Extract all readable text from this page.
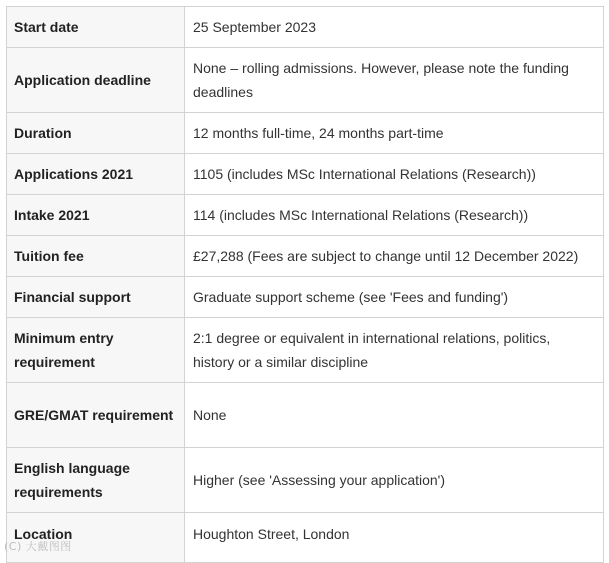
Start date	25 September 2023
Application deadline	None – rolling admissions. However, please note the funding deadlines
Duration	12 months full-time, 24 months part-time
Applications 2021	1105 (includes MSc International Relations (Research))
Intake 2021	114 (includes MSc International Relations (Research))
Tuition fee	£27,288 (Fees are subject to change until 12 December 2022)
Financial support	Graduate support scheme (see 'Fees and funding')
Minimum entry requirement	2:1 degree or equivalent in international relations, politics, history or a similar discipline
GRE/GMAT requirement	None
English language requirements	Higher (see 'Assessing your application')
Location	Houghton Street, London
(C) 大戴图图
